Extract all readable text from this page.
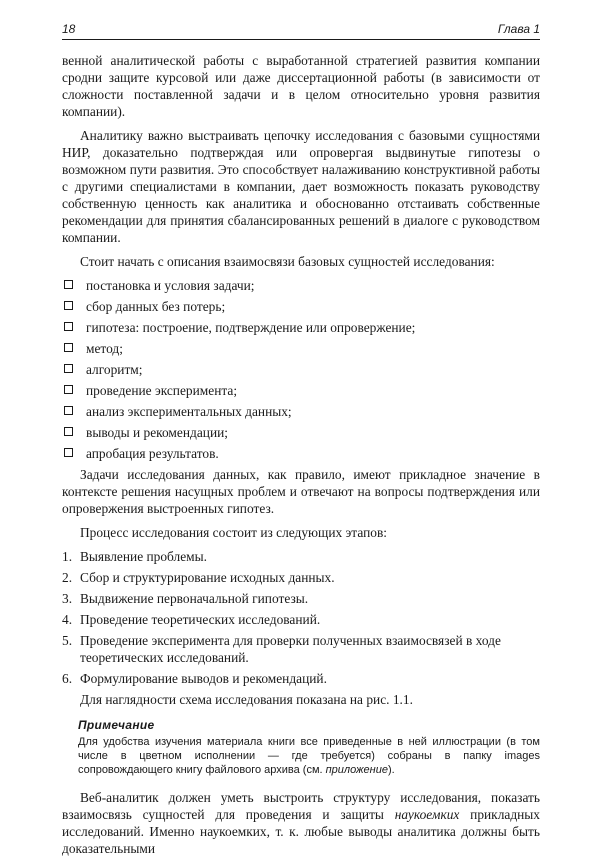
18	Глава 1

венной аналитической работы с выработанной стратегией развития компании сродни защите курсовой или даже диссертационной работы (в зависимости от сложности поставленной задачи и в целом относительно уровня развития компании).

Аналитику важно выстраивать цепочку исследования с базовыми сущностями НИР, доказательно подтверждая или опровергая выдвинутые гипотезы о возможном пути развития. Это способствует налаживанию конструктивной работы с другими специалистами в компании, дает возможность показать руководству собственную ценность как аналитика и обоснованно отстаивать собственные рекомендации для принятия сбалансированных решений в диалоге с руководством компании.

Стоит начать с описания взаимосвязи базовых сущностей исследования:

постановка и условия задачи;
сбор данных без потерь;
гипотеза: построение, подтверждение или опровержение;
метод;
алгоритм;
проведение эксперимента;
анализ экспериментальных данных;
выводы и рекомендации;
апробация результатов.

Задачи исследования данных, как правило, имеют прикладное значение в контексте решения насущных проблем и отвечают на вопросы подтверждения или опровержения выстроенных гипотез.

Процесс исследования состоит из следующих этапов:

1. Выявление проблемы.
2. Сбор и структурирование исходных данных.
3. Выдвижение первоначальной гипотезы.
4. Проведение теоретических исследований.
5. Проведение эксперимента для проверки полученных взаимосвязей в ходе теоретических исследований.
6. Формулирование выводов и рекомендаций.

Для наглядности схема исследования показана на рис. 1.1.

Примечание
Для удобства изучения материала книги все приведенные в ней иллюстрации (в том числе в цветном исполнении — где требуется) собраны в папку images сопровождающего книгу файлового архива (см. приложение).

Веб-аналитик должен уметь выстроить структуру исследования, показать взаимосвязь сущностей для проведения и защиты наукоемких прикладных исследований. Именно наукоемких, т. к. любые выводы аналитика должны быть доказательными
